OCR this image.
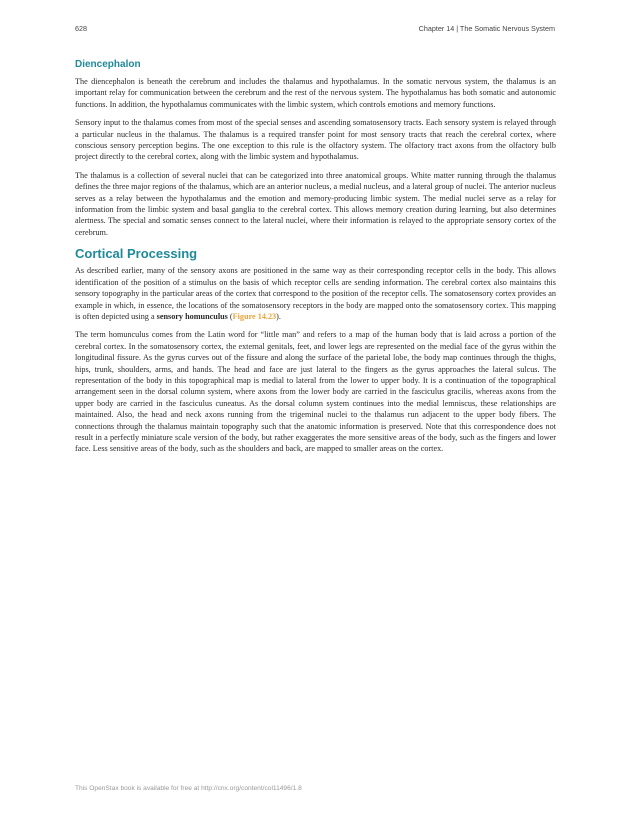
628	Chapter 14 | The Somatic Nervous System
Diencephalon

The diencephalon is beneath the cerebrum and includes the thalamus and hypothalamus. In the somatic nervous system, the thalamus is an important relay for communication between the cerebrum and the rest of the nervous system. The hypothalamus has both somatic and autonomic functions. In addition, the hypothalamus communicates with the limbic system, which controls emotions and memory functions.

Sensory input to the thalamus comes from most of the special senses and ascending somatosensory tracts. Each sensory system is relayed through a particular nucleus in the thalamus. The thalamus is a required transfer point for most sensory tracts that reach the cerebral cortex, where conscious sensory perception begins. The one exception to this rule is the olfactory system. The olfactory tract axons from the olfactory bulb project directly to the cerebral cortex, along with the limbic system and hypothalamus.

The thalamus is a collection of several nuclei that can be categorized into three anatomical groups. White matter running through the thalamus defines the three major regions of the thalamus, which are an anterior nucleus, a medial nucleus, and a lateral group of nuclei. The anterior nucleus serves as a relay between the hypothalamus and the emotion and memory-producing limbic system. The medial nuclei serve as a relay for information from the limbic system and basal ganglia to the cerebral cortex. This allows memory creation during learning, but also determines alertness. The special and somatic senses connect to the lateral nuclei, where their information is relayed to the appropriate sensory cortex of the cerebrum.

Cortical Processing

As described earlier, many of the sensory axons are positioned in the same way as their corresponding receptor cells in the body. This allows identification of the position of a stimulus on the basis of which receptor cells are sending information. The cerebral cortex also maintains this sensory topography in the particular areas of the cortex that correspond to the position of the receptor cells. The somatosensory cortex provides an example in which, in essence, the locations of the somatosensory receptors in the body are mapped onto the somatosensory cortex. This mapping is often depicted using a sensory homunculus (Figure 14.23).

The term homunculus comes from the Latin word for “little man” and refers to a map of the human body that is laid across a portion of the cerebral cortex. In the somatosensory cortex, the external genitals, feet, and lower legs are represented on the medial face of the gyrus within the longitudinal fissure. As the gyrus curves out of the fissure and along the surface of the parietal lobe, the body map continues through the thighs, hips, trunk, shoulders, arms, and hands. The head and face are just lateral to the fingers as the gyrus approaches the lateral sulcus. The representation of the body in this topographical map is medial to lateral from the lower to upper body. It is a continuation of the topographical arrangement seen in the dorsal column system, where axons from the lower body are carried in the fasciculus gracilis, whereas axons from the upper body are carried in the fasciculus cuneatus. As the dorsal column system continues into the medial lemniscus, these relationships are maintained. Also, the head and neck axons running from the trigeminal nuclei to the thalamus run adjacent to the upper body fibers. The connections through the thalamus maintain topography such that the anatomic information is preserved. Note that this correspondence does not result in a perfectly miniature scale version of the body, but rather exaggerates the more sensitive areas of the body, such as the fingers and lower face. Less sensitive areas of the body, such as the shoulders and back, are mapped to smaller areas on the cortex.

This OpenStax book is available for free at http://cnx.org/content/col11496/1.8
